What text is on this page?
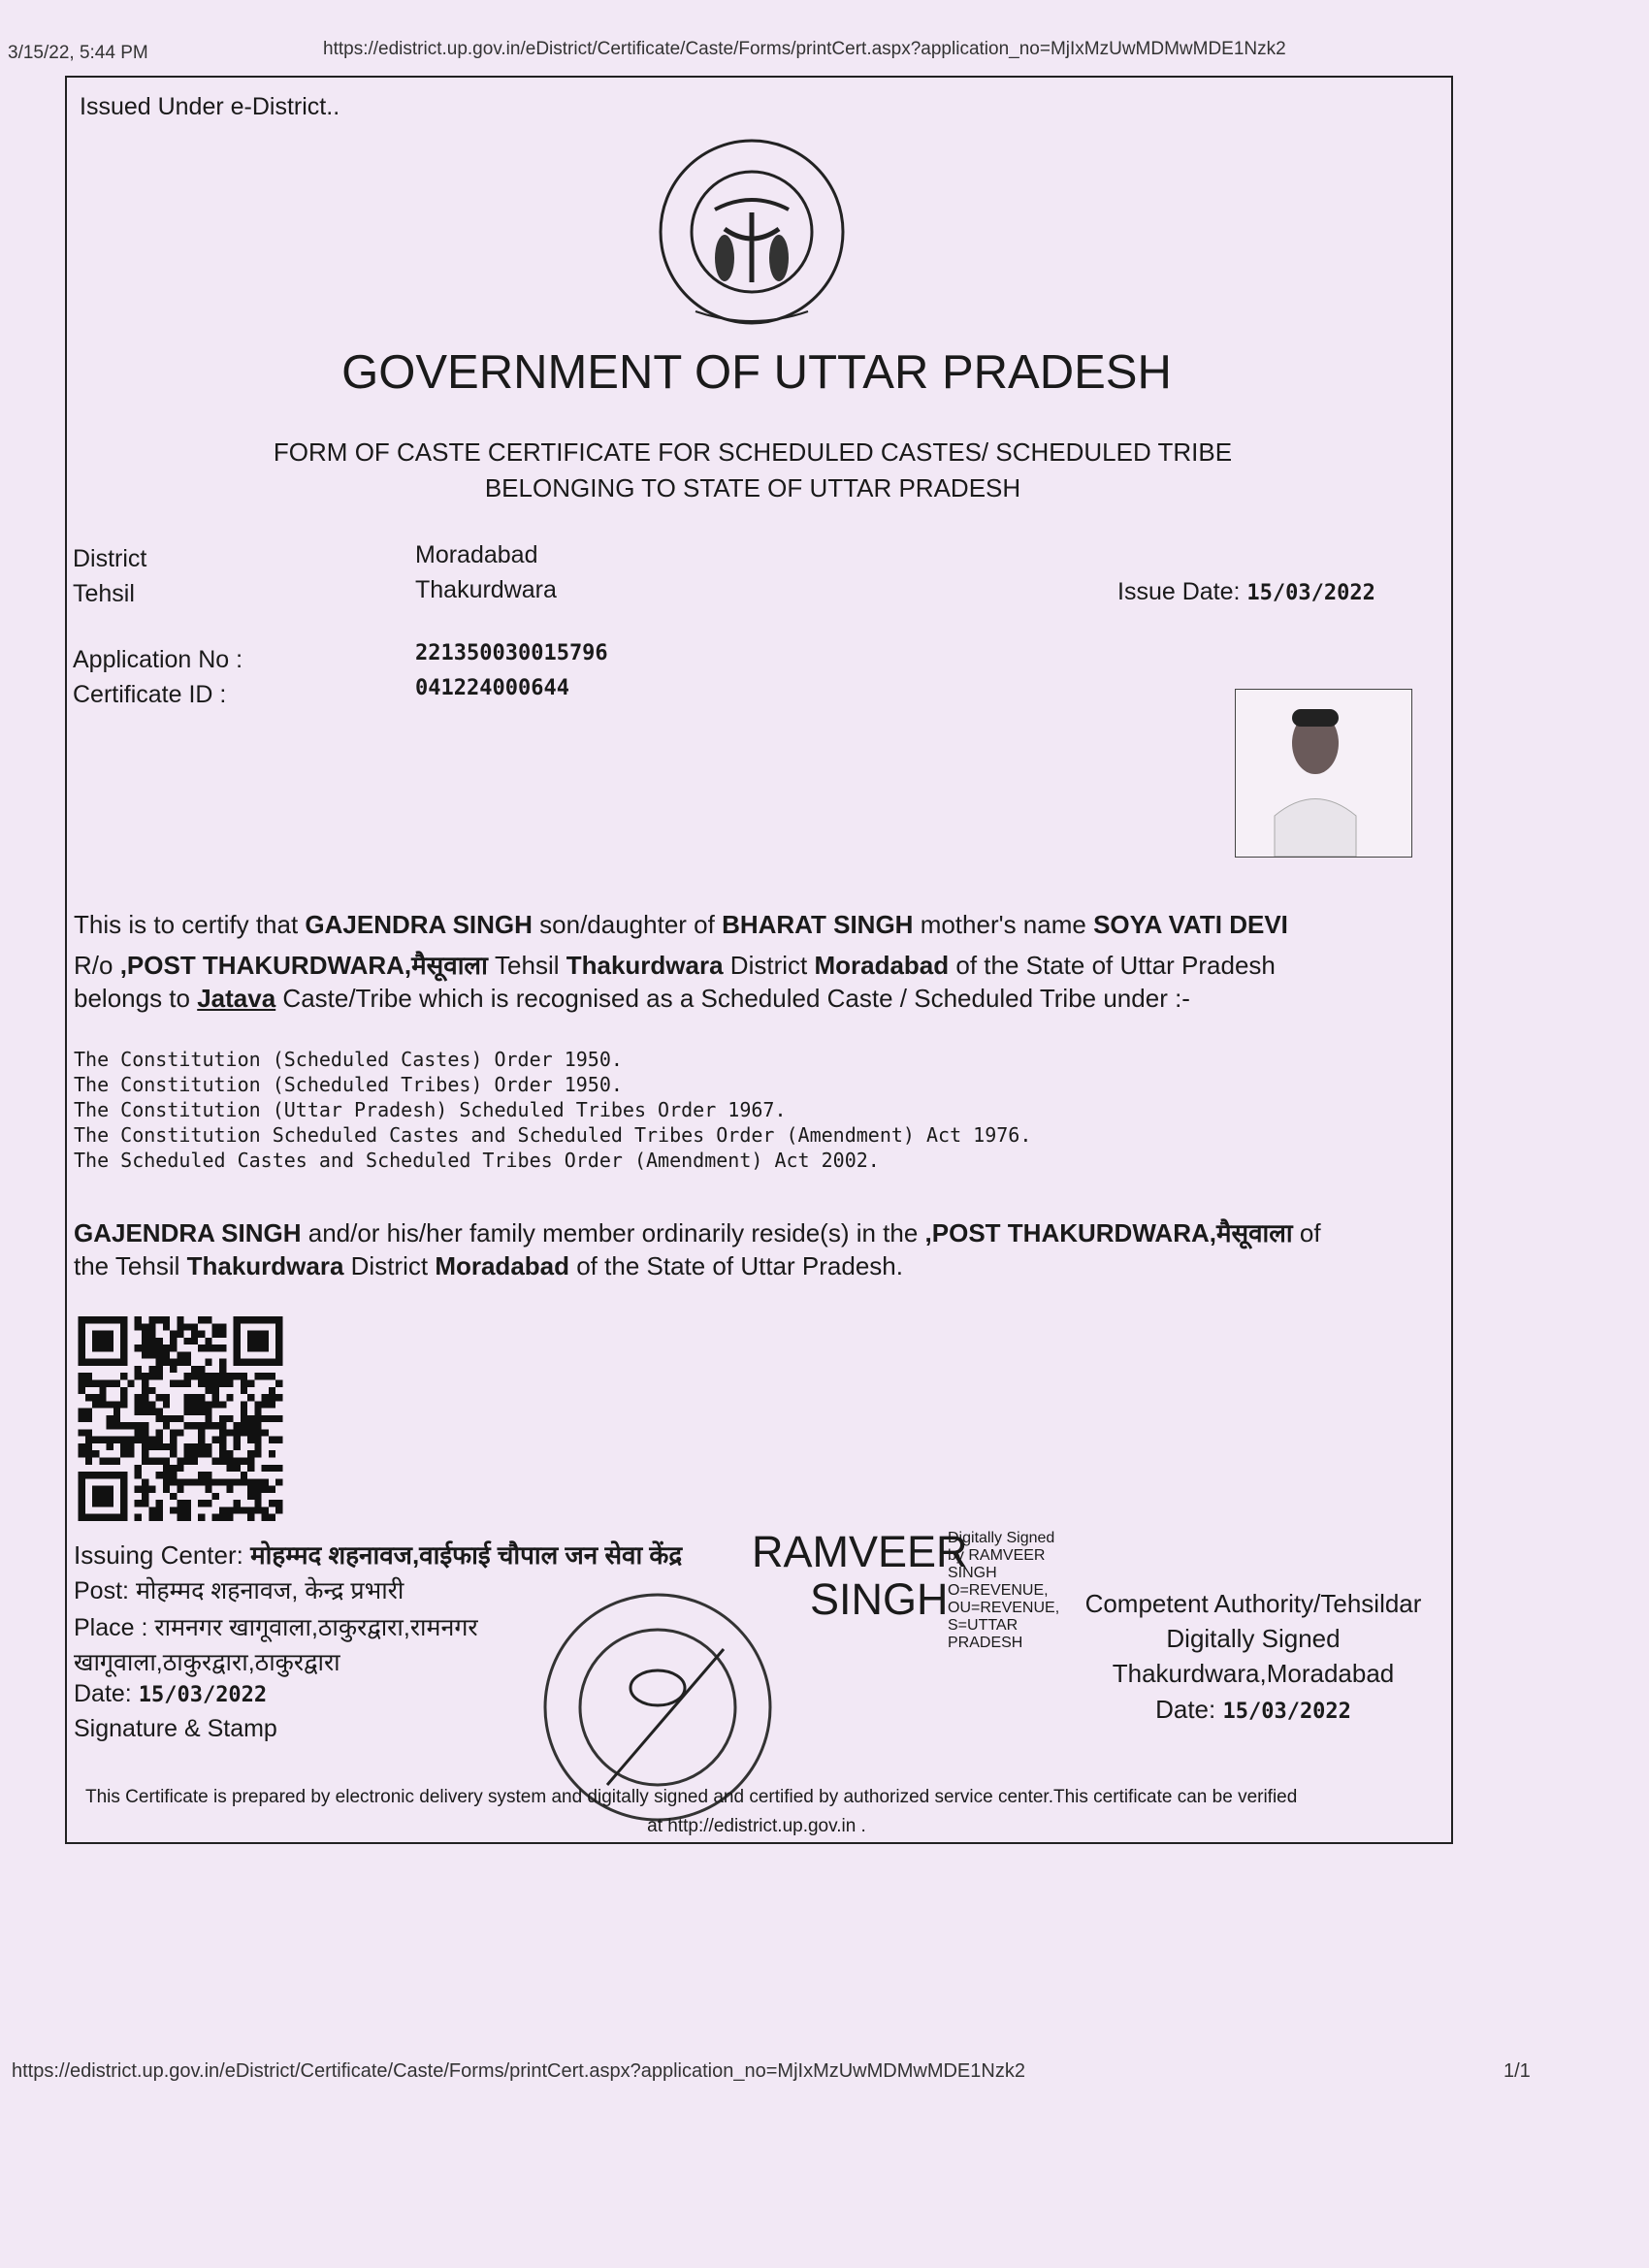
3/15/22, 5:44 PM	https://edistrict.up.gov.in/eDistrict/Certificate/Caste/Forms/printCert.aspx?application_no=MjIxMzUwMDMwMDE1Nzk2
Issued Under e-District..
GOVERNMENT OF UTTAR PRADESH
FORM OF CASTE CERTIFICATE FOR SCHEDULED CASTES/ SCHEDULED TRIBE
BELONGING TO STATE OF UTTAR PRADESH
District	Moradabad
Tehsil	Thakurdwara	Issue Date: 15/03/2022
Application No :	221350030015796
Certificate ID :	041224000644
This is to certify that GAJENDRA SINGH son/daughter of BHARAT SINGH mother's name SOYA VATI DEVI
R/o ,POST THAKURDWARA,मैसूवाला Tehsil Thakurdwara District Moradabad of the State of Uttar Pradesh
belongs to Jatava Caste/Tribe which is recognised as a Scheduled Caste / Scheduled Tribe under :-
The Constitution (Scheduled Castes) Order 1950.
The Constitution (Scheduled Tribes) Order 1950.
The Constitution (Uttar Pradesh) Scheduled Tribes Order 1967.
The Constitution Scheduled Castes and Scheduled Tribes Order (Amendment) Act 1976.
The Scheduled Castes and Scheduled Tribes Order (Amendment) Act 2002.
GAJENDRA SINGH and/or his/her family member ordinarily reside(s) in the ,POST THAKURDWARA,मैसूवाला of
the Tehsil Thakurdwara District Moradabad of the State of Uttar Pradesh.
Issuing Center: मोहम्मद शहनावज,वाईफाई चौपाल जन सेवा केंद्र
Post: मोहम्मद शहनावज, केन्द्र प्रभारी
Place : रामनगर खागूवाला,ठाकुरद्वारा,रामनगर
खागूवाला,ठाकुरद्वारा,ठाकुरद्वारा
Date: 15/03/2022
Signature & Stamp
RAMVEER
SINGH
Digitally Signed
by RAMVEER
SINGH
O=REVENUE,
OU=REVENUE,
S=UTTAR
PRADESH
Competent Authority/Tehsildar
Digitally Signed
Thakurdwara,Moradabad
Date: 15/03/2022
This Certificate is prepared by electronic delivery system and digitally signed and certified by authorized service center.This certificate can be verified
at http://edistrict.up.gov.in .
https://edistrict.up.gov.in/eDistrict/Certificate/Caste/Forms/printCert.aspx?application_no=MjIxMzUwMDMwMDE1Nzk2	1/1
